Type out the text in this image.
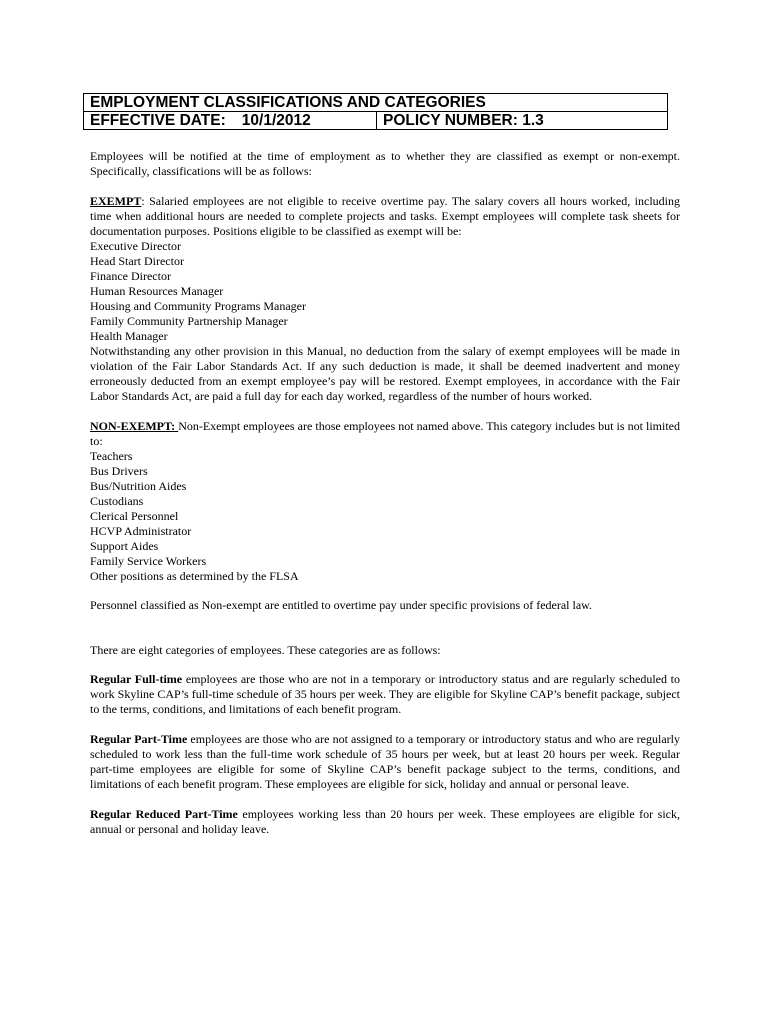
EMPLOYMENT CLASSIFICATIONS AND CATEGORIES
EFFECTIVE DATE: 10/1/2012	POLICY NUMBER: 1.3

Employees will be notified at the time of employment as to whether they are classified as exempt or non-exempt. Specifically, classifications will be as follows:

EXEMPT: Salaried employees are not eligible to receive overtime pay. The salary covers all hours worked, including time when additional hours are needed to complete projects and tasks. Exempt employees will complete task sheets for documentation purposes. Positions eligible to be classified as exempt will be:

Executive Director
Head Start Director
Finance Director
Human Resources Manager
Housing and Community Programs Manager
Family Community Partnership Manager
Health Manager

Notwithstanding any other provision in this Manual, no deduction from the salary of exempt employees will be made in violation of the Fair Labor Standards Act. If any such deduction is made, it shall be deemed inadvertent and money erroneously deducted from an exempt employee’s pay will be restored. Exempt employees, in accordance with the Fair Labor Standards Act, are paid a full day for each day worked, regardless of the number of hours worked.

NON-EXEMPT: Non-Exempt employees are those employees not named above. This category includes but is not limited to:

Teachers
Bus Drivers
Bus/Nutrition Aides
Custodians
Clerical Personnel
HCVP Administrator
Support Aides
Family Service Workers
Other positions as determined by the FLSA

Personnel classified as Non-exempt are entitled to overtime pay under specific provisions of federal law.

There are eight categories of employees. These categories are as follows:

Regular Full-time employees are those who are not in a temporary or introductory status and are regularly scheduled to work Skyline CAP’s full-time schedule of 35 hours per week. They are eligible for Skyline CAP’s benefit package, subject to the terms, conditions, and limitations of each benefit program.

Regular Part-Time employees are those who are not assigned to a temporary or introductory status and who are regularly scheduled to work less than the full-time work schedule of 35 hours per week, but at least 20 hours per week. Regular part-time employees are eligible for some of Skyline CAP’s benefit package subject to the terms, conditions, and limitations of each benefit program. These employees are eligible for sick, holiday and annual or personal leave.

Regular Reduced Part-Time employees working less than 20 hours per week. These employees are eligible for sick, annual or personal and holiday leave.
